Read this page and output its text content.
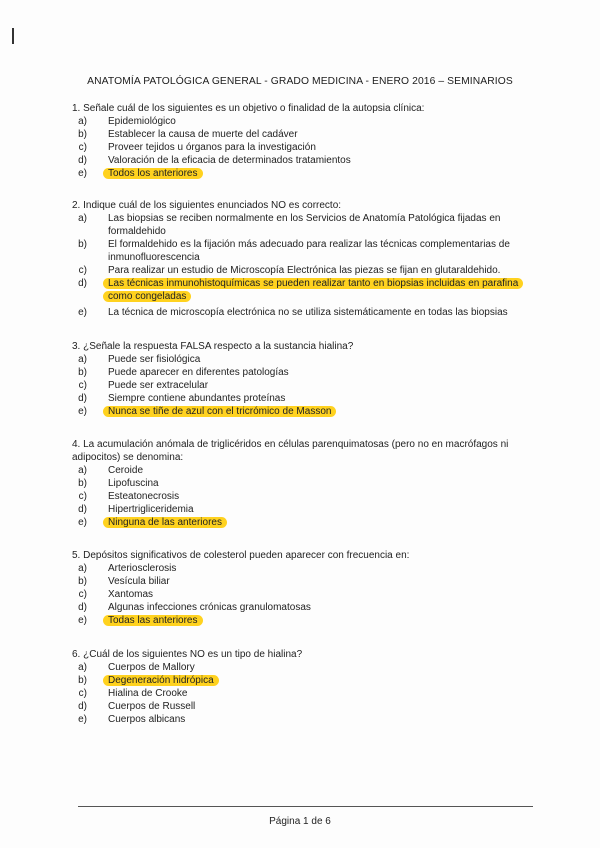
ANATOMÍA PATOLÓGICA GENERAL - GRADO MEDICINA - ENERO 2016 – SEMINARIOS

1. Señale cuál de los siguientes es un objetivo o finalidad de la autopsia clínica:

a) Epidemiológico

b) Establecer la causa de muerte del cadáver

c) Proveer tejidos u órganos para la investigación

d) Valoración de la eficacia de determinados tratamientos

e) Todos los anteriores

2. Indique cuál de los siguientes enunciados NO es correcto:

a) Las biopsias se reciben normalmente en los Servicios de Anatomía Patológica fijadas en formaldehido

b) El formaldehido es la fijación más adecuado para realizar las técnicas complementarias de inmunofluorescencia

c) Para realizar un estudio de Microscopía Electrónica las piezas se fijan en glutaraldehido.

d) Las técnicas inmunohistoquímicas se pueden realizar tanto en biopsias incluidas en parafina como congeladas

e) La técnica de microscopía electrónica no se utiliza sistemáticamente en todas las biopsias

3. ¿Señale la respuesta FALSA respecto a la sustancia hialina?

a) Puede ser fisiológica

b) Puede aparecer en diferentes patologías

c) Puede ser extracelular

d) Siempre contiene abundantes proteínas

e) Nunca se tiñe de azul con el tricrómico de Masson

4. La acumulación anómala de triglicéridos en células parenquimatosas (pero no en macrófagos ni adipocitos) se denomina:

a) Ceroide

b) Lipofuscina

c) Esteatonecrosis

d) Hipertrigliceridemia

e) Ninguna de las anteriores

5. Depósitos significativos de colesterol pueden aparecer con frecuencia en:

a) Arteriosclerosis

b) Vesícula biliar

c) Xantomas

d) Algunas infecciones crónicas granulomatosas

e) Todas las anteriores

6. ¿Cuál de los siguientes NO es un tipo de hialina?

a) Cuerpos de Mallory

b) Degeneración hidrópica

c) Hialina de Crooke

d) Cuerpos de Russell

e) Cuerpos albicans

Página 1 de 6
